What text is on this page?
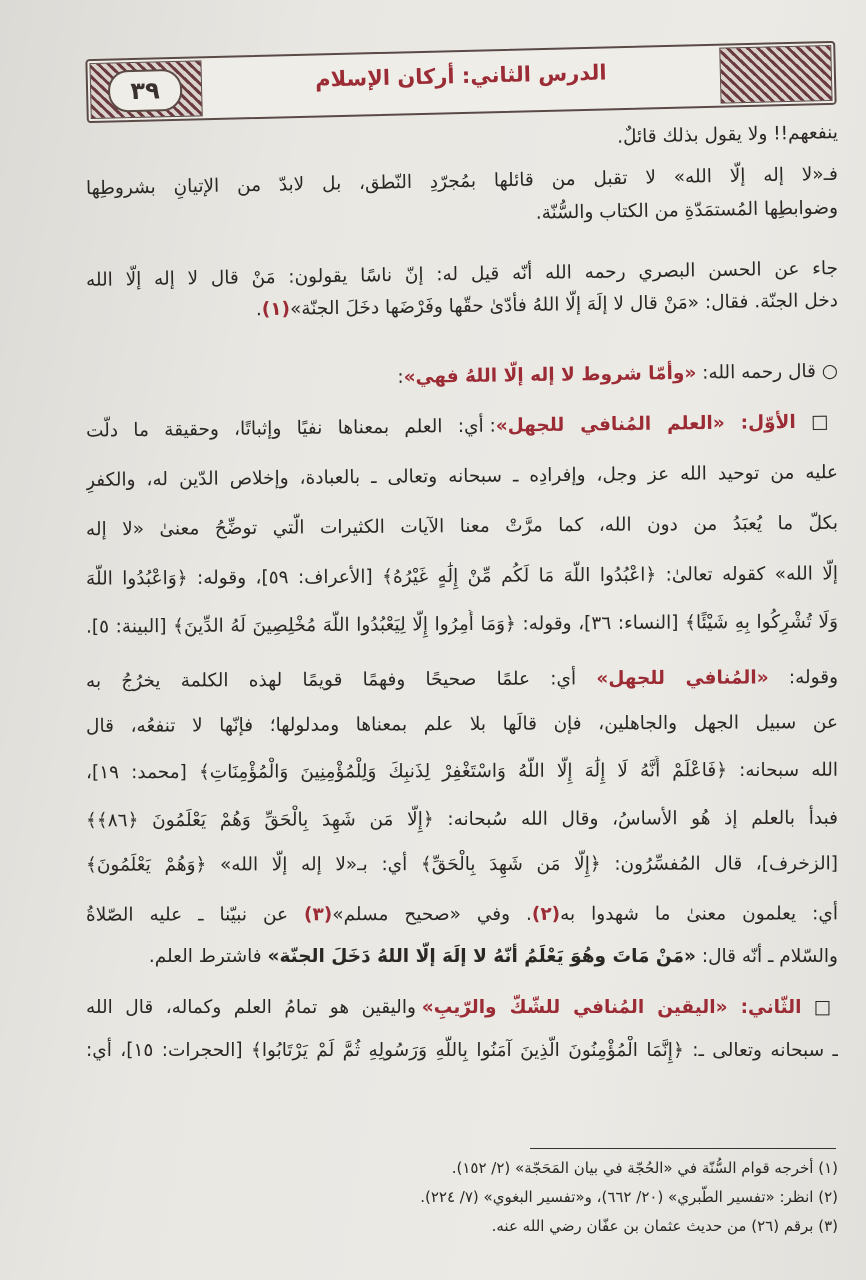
٣٩	الدرس الثاني: أركان الإسلام
ينفعهم!! ولا يقول بذلك قائلٌ.
فـ«لا إله إلّا الله» لا تقبل من قائلها بمُجرّدِ النّطق، بل لابدّ من الإتيانِ بشروطِها
وضوابطِها المُستمَدّةِ من الكتاب والسُّنّة.
جاء عن الحسن البصري رحمه الله أنّه قيل له: إنّ ناسًا يقولون: مَنْ قال لا إله إلّا الله
دخل الجنّة. فقال: «مَنْ قال لا إلَهَ إلّا اللهُ فأدّىٰ حقّها وفَرْضَها دخَلَ الجنّة»(١).
○ قال رحمه الله: «وأمّا شروط لا إله إلّا اللهُ فهي»:
□ الأوّل: «العلم المُنافي للجهل»: أي: العلم بمعناها نفيًا وإثباتًا، وحقيقة ما دلّت
عليه من توحيد الله عز وجل، وإفرادِه ـ سبحانه وتعالى ـ بالعبادة، وإخلاص الدّين له، والكفرِ
بكلّ ما يُعبَدُ من دون الله، كما مرَّتْ معنا الآيات الكثيرات الّتي توضِّحُ معنىٰ «لا إله
إلّا الله» كقوله تعالىٰ: ﴿اعْبُدُوا اللَّهَ مَا لَكُم مِّنْ إِلَٰهٍ غَيْرُهُ﴾ [الأعراف: ٥٩]، وقوله: ﴿وَاعْبُدُوا اللَّهَ
وَلَا تُشْرِكُوا بِهِ شَيْئًا﴾ [النساء: ٣٦]، وقوله: ﴿وَمَا أُمِرُوا إِلَّا لِيَعْبُدُوا اللَّهَ مُخْلِصِينَ لَهُ الدِّينَ﴾ [البينة: ٥].
وقوله: «المُنافي للجهل» أي: علمًا صحيحًا وفهمًا قويمًا لهذه الكلمة يخرُجُ به
عن سبيل الجهل والجاهلين، فإن قالَها بلا علم بمعناها ومدلولها؛ فإنّها لا تنفعُه، قال
الله سبحانه: ﴿فَاعْلَمْ أَنَّهُ لَا إِلَٰهَ إِلَّا اللَّهُ وَاسْتَغْفِرْ لِذَنبِكَ وَلِلْمُؤْمِنِينَ وَالْمُؤْمِنَاتِ﴾ [محمد: ١٩]،
فبدأ بالعلم إذ هُو الأساسُ، وقال الله سُبحانه: ﴿إِلَّا مَن شَهِدَ بِالْحَقِّ وَهُمْ يَعْلَمُونَ ﴿٨٦﴾﴾
[الزخرف]، قال المُفسِّرُون: ﴿إِلَّا مَن شَهِدَ بِالْحَقِّ﴾ أي: بـ«لا إله إلّا الله» ﴿وَهُمْ يَعْلَمُونَ﴾
أي: يعلمون معنىٰ ما شهدوا به(٢). وفي «صحيح مسلم»(٣) عن نبيّنا ـ عليه الصّلاةُ
والسّلام ـ أنّه قال: «مَنْ مَاتَ وهُوَ يَعْلَمُ أنّهُ لا إلَهَ إلّا اللهُ دَخَلَ الجنّة» فاشترط العلم.
□ الثّاني: «اليقين المُنافي للشّكّ والرّيبِ» واليقين هو تمامُ العلم وكماله، قال الله
ـ سبحانه وتعالى ـ: ﴿إِنَّمَا الْمُؤْمِنُونَ الَّذِينَ آمَنُوا بِاللَّهِ وَرَسُولِهِ ثُمَّ لَمْ يَرْتَابُوا﴾ [الحجرات: ١٥]، أي:
(١) أخرجه قوام السُّنّة في «الحُجّة في بيان المَحَجّة» (٢/ ١٥٢).
(٢) انظر: «تفسير الطّبري» (٢٠/ ٦٦٢)، و«تفسير البغوي» (٧/ ٢٢٤).
(٣) برقم (٢٦) من حديث عثمان بن عفّان رضي الله عنه.
